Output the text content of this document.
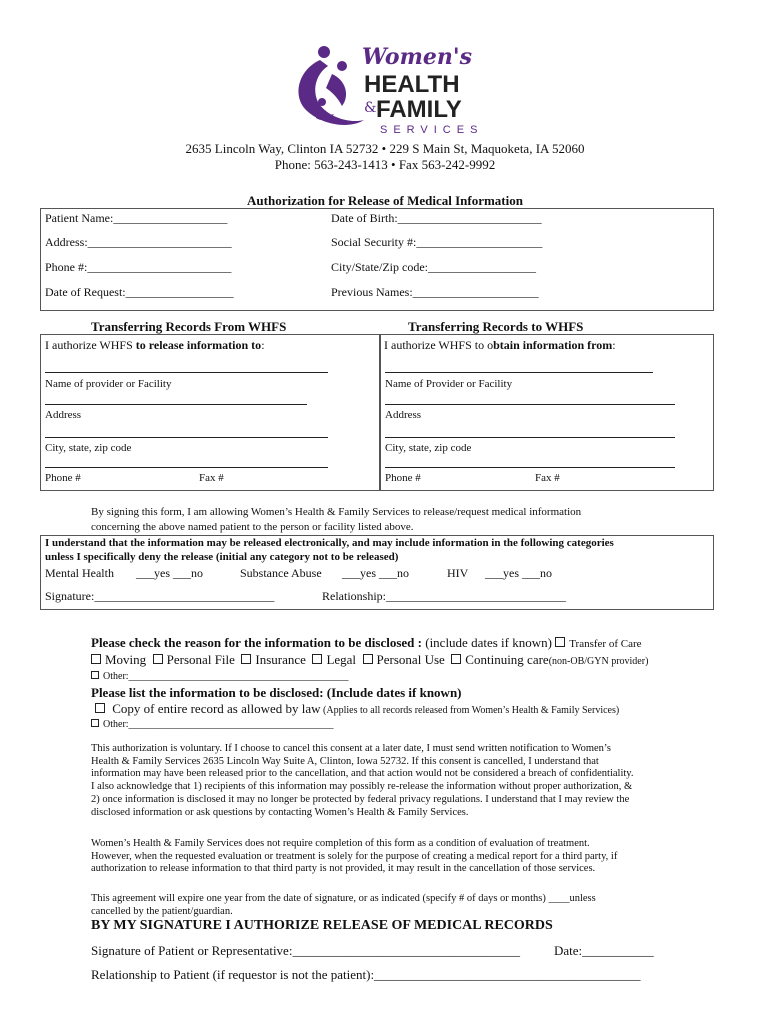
Women's
HEALTH
& FAMILY
SERVICES
2635 Lincoln Way, Clinton IA 52732 • 229 S Main St, Maquoketa, IA 52060
Phone: 563-243-1413 • Fax 563-242-9992
Authorization for Release of Medical Information
Patient Name:___________________	Date of Birth:________________________
Address:________________________	Social Security #:_____________________
Phone #:________________________	City/State/Zip code:__________________
Date of Request:__________________	Previous Names:_____________________
Transferring Records From WHFS	Transferring Records to WHFS
I authorize WHFS to release information to:
Name of provider or Facility
Address
City, state, zip code
Phone #	Fax #
I authorize WHFS to obtain information from:
Name of Provider or Facility
Address
City, state, zip code
Phone #	Fax #
By signing this form, I am allowing Women’s Health & Family Services to release/request medical information
concerning the above named patient to the person or facility listed above.
I understand that the information may be released electronically, and may include information in the following categories
unless I specifically deny the release (initial any category not to be released)
Mental Health ___yes ___no	Substance Abuse ___yes ___no	HIV ___yes ___no
Signature:______________________________	Relationship:______________________________
Please check the reason for the information to be disclosed : (include dates if known) Transfer of Care
Moving Personal File Insurance Legal Personal Use Continuing care(non-OB/GYN provider)
Other:____________________________________________
Please list the information to be disclosed: (Include dates if known)
Copy of entire record as allowed by law (Applies to all records released from Women’s Health & Family Services)
Other:_________________________________________
This authorization is voluntary. If I choose to cancel this consent at a later date, I must send written notification to Women’s
Health & Family Services 2635 Lincoln Way Suite A, Clinton, Iowa 52732. If this consent is cancelled, I understand that
information may have been released prior to the cancellation, and that action would not be considered a breach of confidentiality.
I also acknowledge that 1) recipients of this information may possibly re-release the information without proper authorization, &
2) once information is disclosed it may no longer be protected by federal privacy regulations. I understand that I may review the
disclosed information or ask questions by contacting Women’s Health & Family Services.
Women’s Health & Family Services does not require completion of this form as a condition of evaluation of treatment.
However, when the requested evaluation or treatment is solely for the purpose of creating a medical report for a third party, if
authorization to release information to that third party is not provided, it may result in the cancellation of those services.
This agreement will expire one year from the date of signature, or as indicated (specify # of days or months) ____unless
cancelled by the patient/guardian.
BY MY SIGNATURE I AUTHORIZE RELEASE OF MEDICAL RECORDS
Signature of Patient or Representative:___________________________________	Date:___________
Relationship to Patient (if requestor is not the patient):_________________________________________
